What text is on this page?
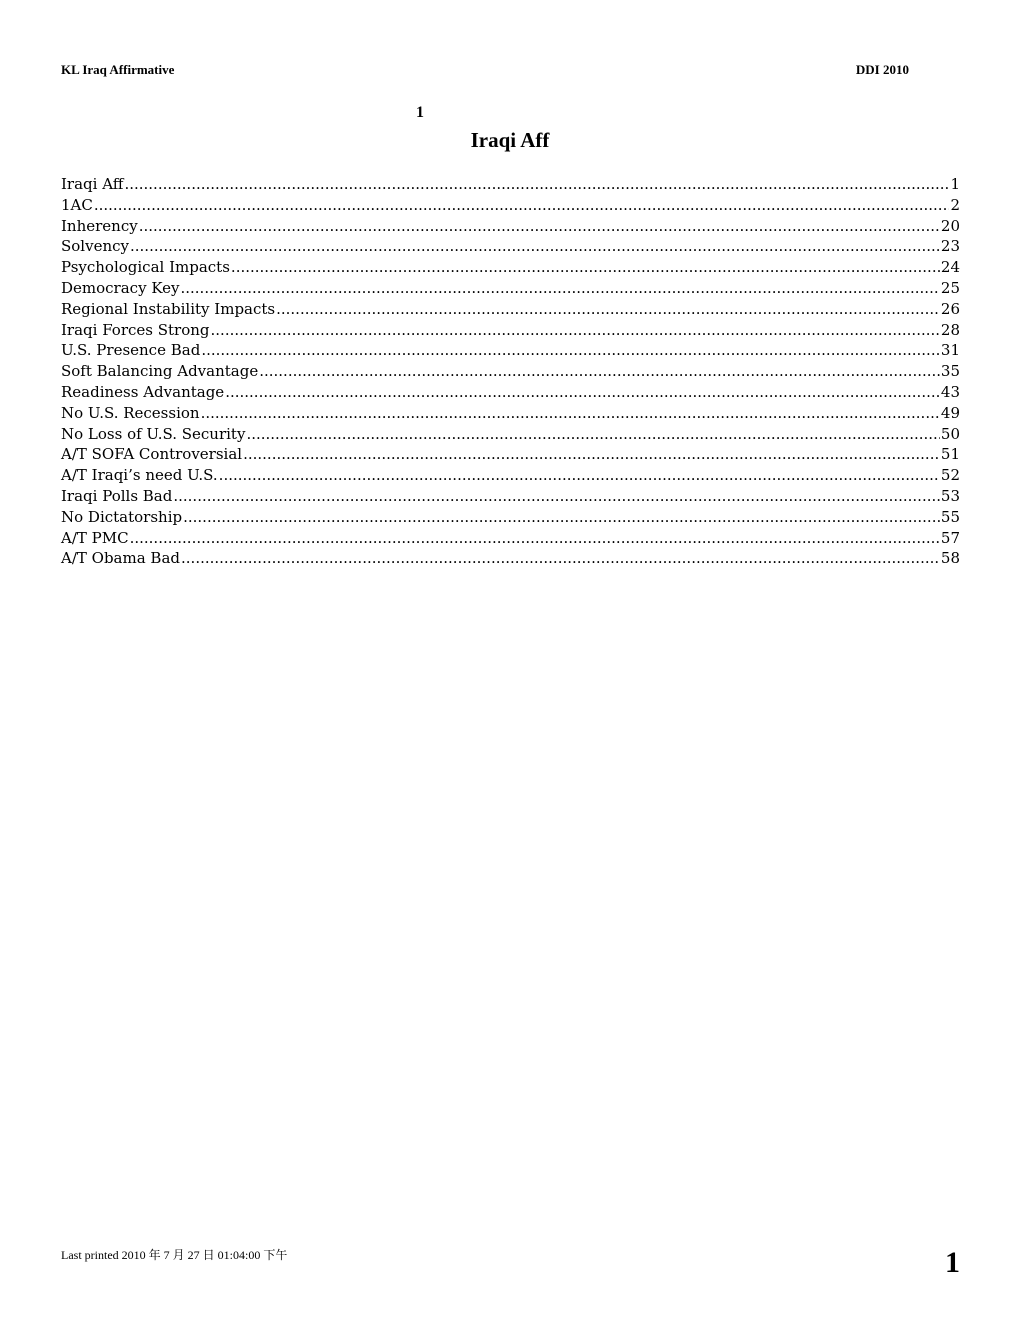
KL Iraq Affirmative	DDI 2010
1
Iraqi Aff
Iraqi Aff .....	1
1AC .....	2
Inherency .....	20
Solvency .....	23
Psychological Impacts .....	24
Democracy Key .....	25
Regional Instability Impacts .....	26
Iraqi Forces Strong .....	28
U.S. Presence Bad .....	31
Soft Balancing Advantage .....	35
Readiness Advantage .....	43
No U.S. Recession .....	49
No Loss of U.S. Security .....	50
A/T SOFA Controversial .....	51
A/T Iraqi’s need U.S. .....	52
Iraqi Polls Bad .....	53
No Dictatorship .....	55
A/T PMC .....	57
A/T Obama Bad .....	58
Last printed 2010 年 7 月 27 日 01:04:00 下午	1
